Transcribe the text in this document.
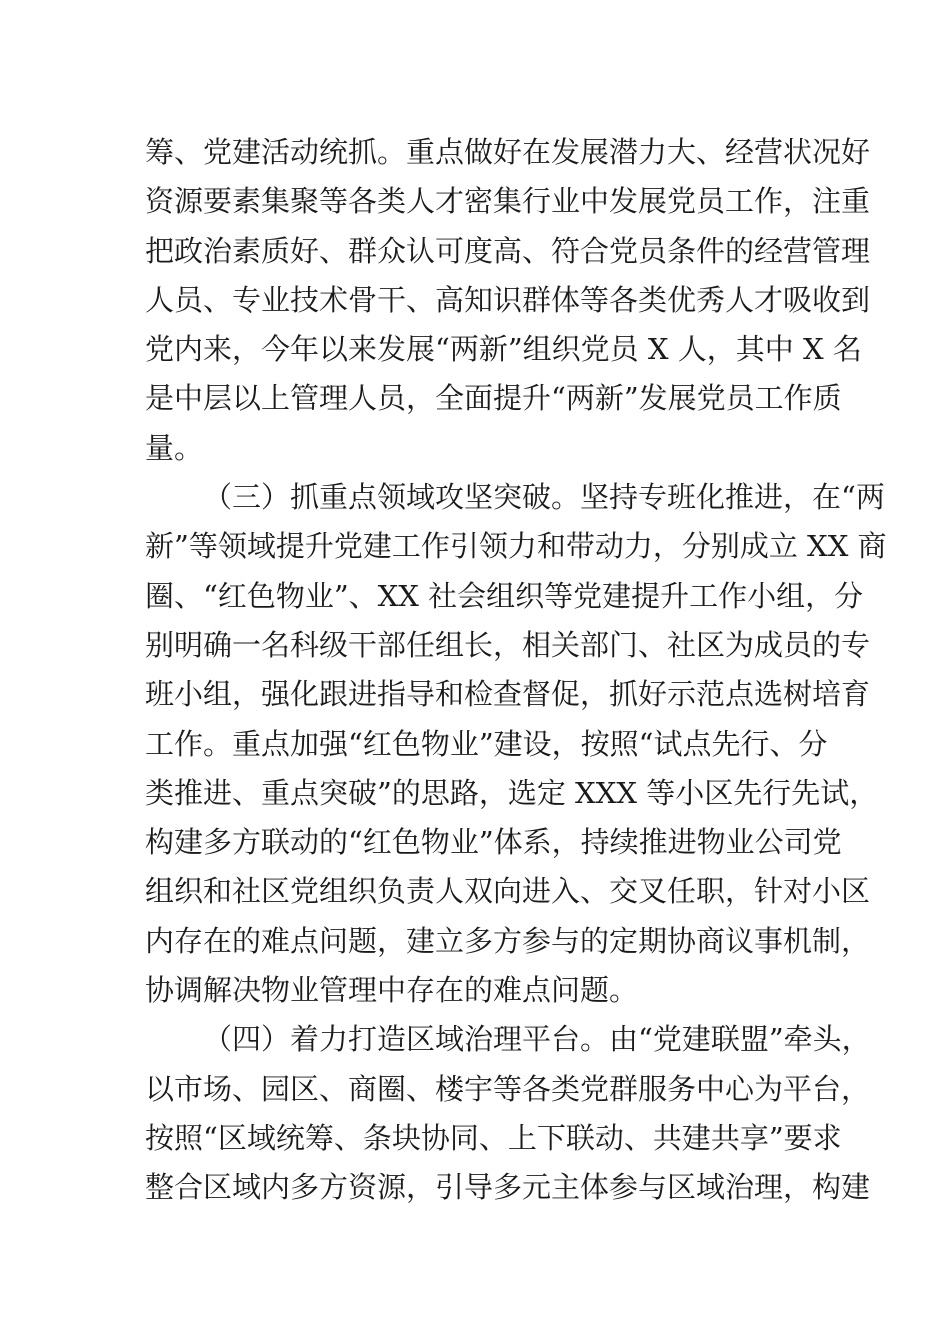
筹、党建活动统抓。重点做好在发展潜力大、经营状况好
资源要素集聚等各类人才密集行业中发展党员工作，注重
把政治素质好、群众认可度高、符合党员条件的经营管理
人员、专业技术骨干、高知识群体等各类优秀人才吸收到
党内来，今年以来发展“两新”组织党员 X 人，其中 X 名
是中层以上管理人员，全面提升“两新”发展党员工作质
量。
（三）抓重点领域攻坚突破。坚持专班化推进，在“两
新”等领域提升党建工作引领力和带动力，分别成立 XX 商
圈、“红色物业”、XX 社会组织等党建提升工作小组，分
别明确一名科级干部任组长，相关部门、社区为成员的专
班小组，强化跟进指导和检查督促，抓好示范点选树培育
工作。重点加强“红色物业”建设，按照“试点先行、分
类推进、重点突破”的思路，选定 XXX 等小区先行先试，
构建多方联动的“红色物业”体系，持续推进物业公司党
组织和社区党组织负责人双向进入、交叉任职，针对小区
内存在的难点问题，建立多方参与的定期协商议事机制，
协调解决物业管理中存在的难点问题。
（四）着力打造区域治理平台。由“党建联盟”牵头，
以市场、园区、商圈、楼宇等各类党群服务中心为平台，
按照“区域统筹、条块协同、上下联动、共建共享”要求
整合区域内多方资源，引导多元主体参与区域治理，构建
